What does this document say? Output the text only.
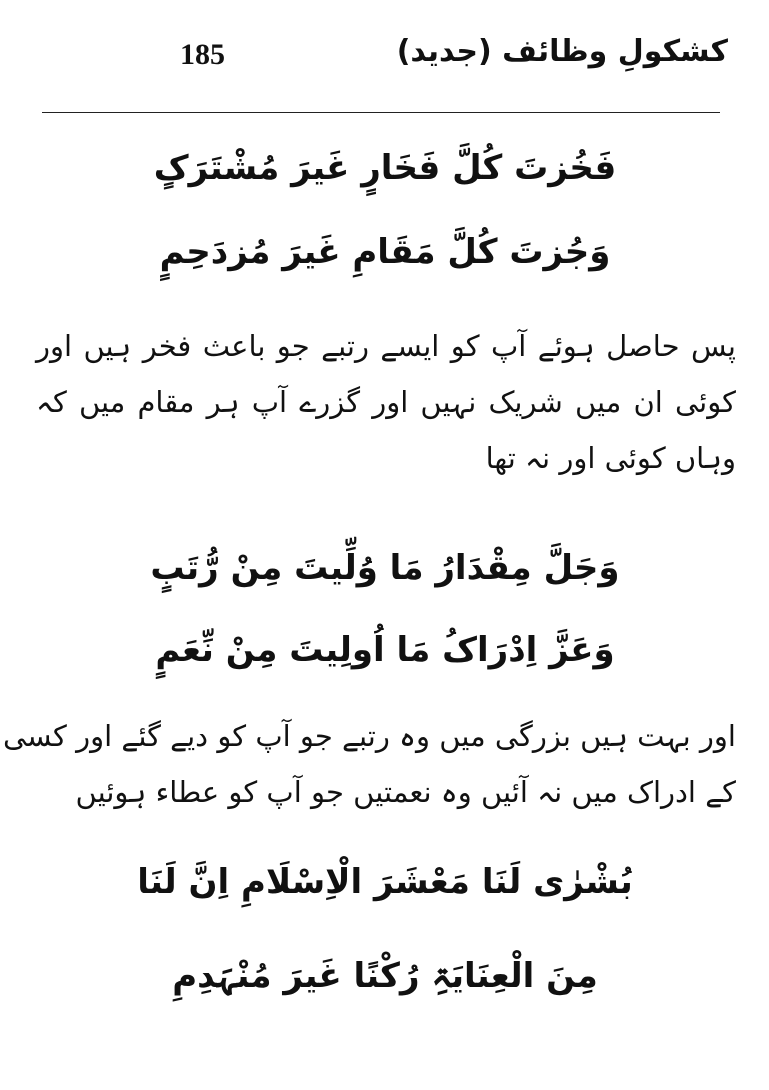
185	کشکولِ وظائف (جدید)
فَخُزتَ کُلَّ فَخَارٍ غَیرَ مُشْتَرَکٍ
وَجُزتَ کُلَّ مَقَامِ غَیرَ مُزدَحِمٍ
پس حاصل ہوئے آپ کو ایسے رتبے جو باعث فخر ہیں اور
کوئی ان میں شریک نہیں اور گزرے آپ ہر مقام میں کہ
وہاں کوئی اور نہ تھا
وَجَلَّ مِقْدَارُ مَا وُلِّیتَ مِنْ رُّتَبٍ
وَعَزَّ اِدْرَاکُ مَا اُولِیتَ مِنْ نِّعَمٍ
اور بہت ہیں بزرگی میں وہ رتبے جو آپ کو دیے گئے اور کسی
کے ادراک میں نہ آئیں وہ نعمتیں جو آپ کو عطاء ہوئیں
بُشْرٰی لَنَا مَعْشَرَ الْاِسْلَامِ اِنَّ لَنَا
مِنَ الْعِنَایَۃِ رُکْنًا غَیرَ مُنْہَدِمِ
